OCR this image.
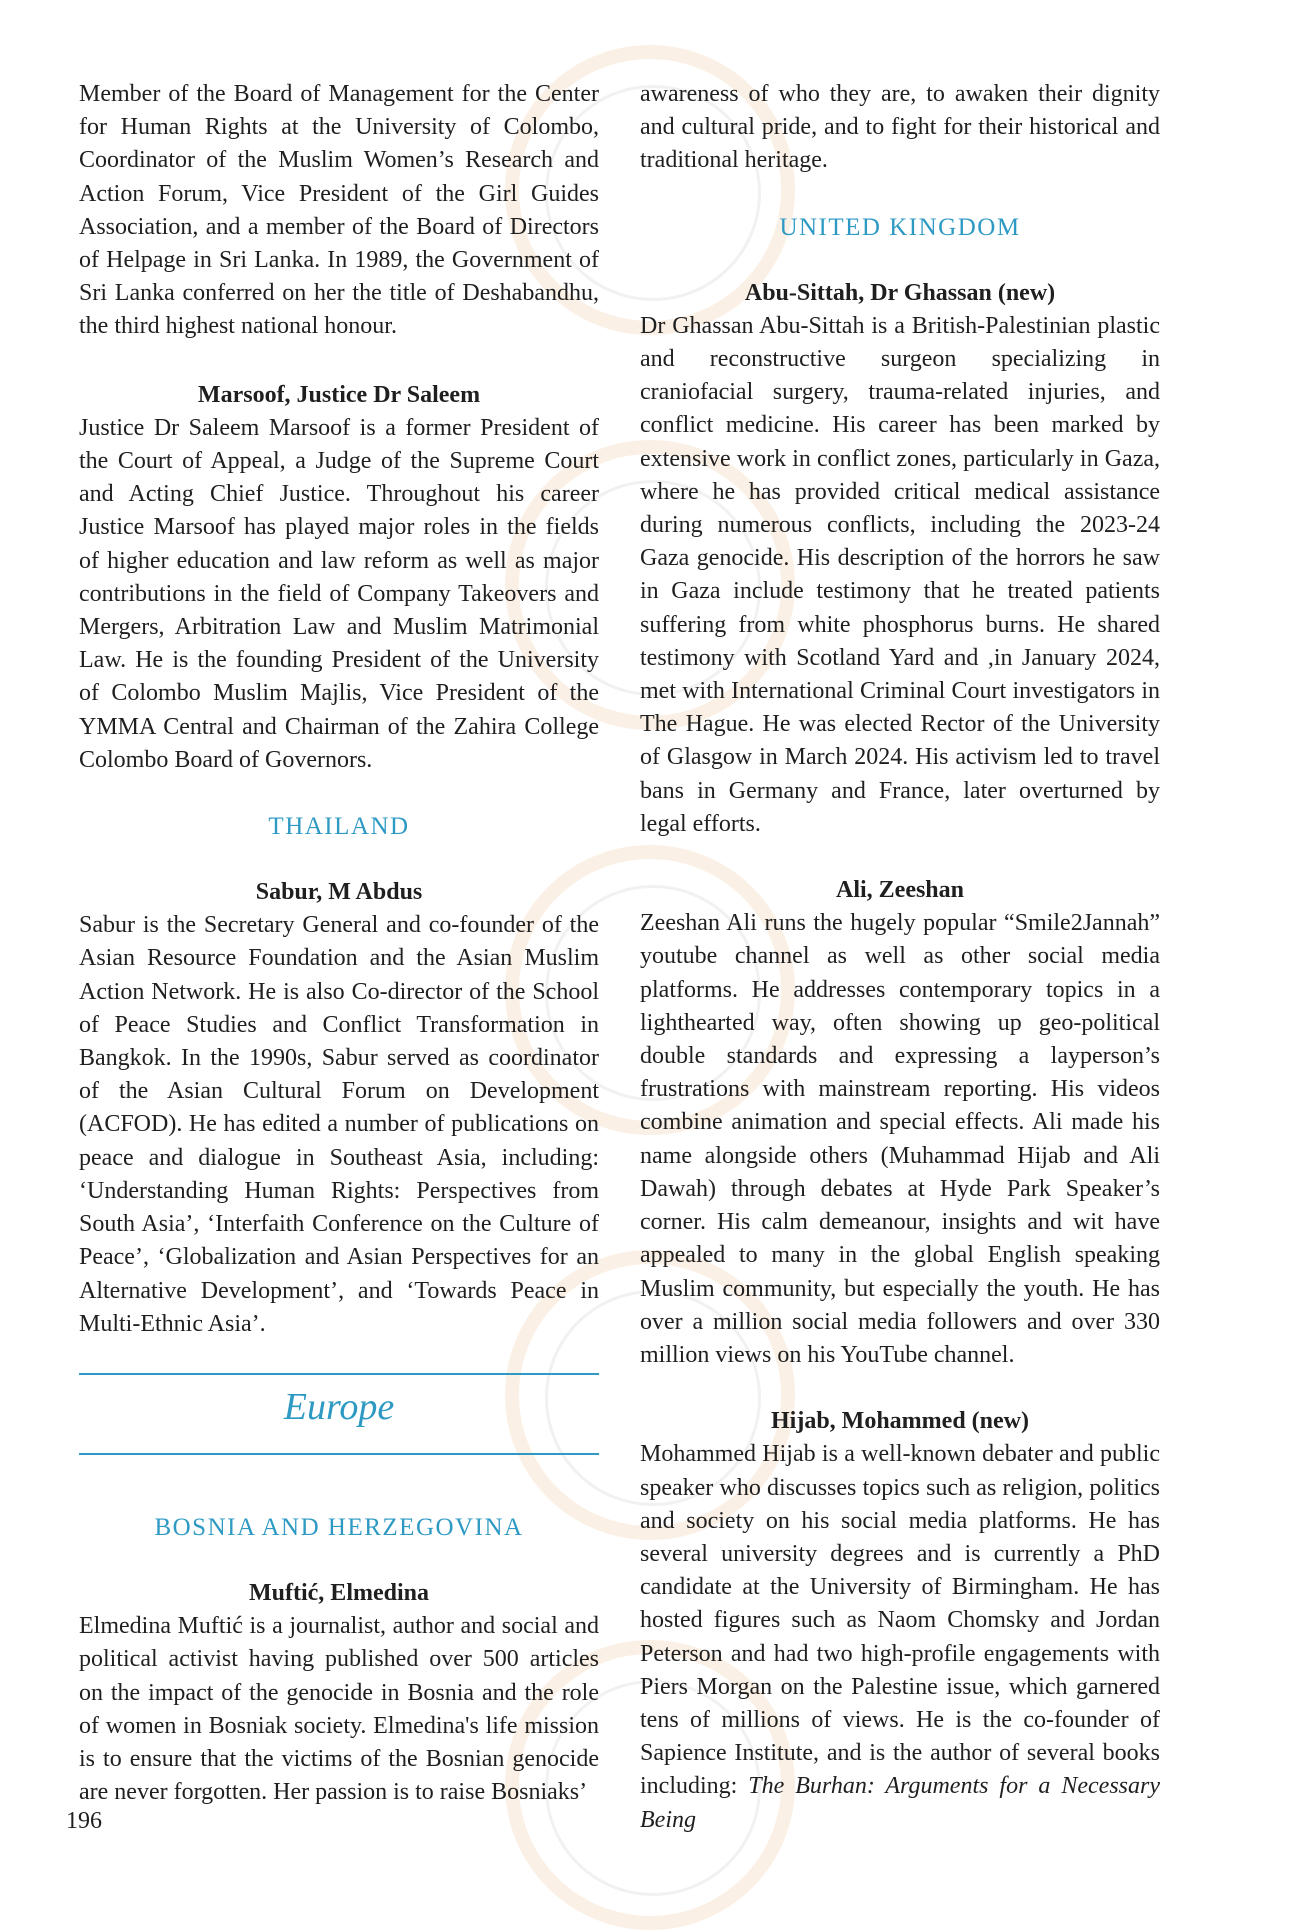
Member of the Board of Management for the Center for Human Rights at the University of Colombo, Coordinator of the Muslim Women’s Research and Action Forum, Vice President of the Girl Guides Association, and a member of the Board of Directors of Helpage in Sri Lanka. In 1989, the Government of Sri Lanka conferred on her the title of Deshabandhu, the third highest national honour.

Marsoof, Justice Dr Saleem

Justice Dr Saleem Marsoof is a former President of the Court of Appeal, a Judge of the Supreme Court and Acting Chief Justice. Throughout his career Justice Marsoof has played major roles in the fields of higher education and law reform as well as major contributions in the field of Company Takeovers and Mergers, Arbitration Law and Muslim Matrimonial Law. He is the founding President of the University of Colombo Muslim Majlis, Vice President of the YMMA Central and Chairman of the Zahira College Colombo Board of Governors.

THAILAND

Sabur, M Abdus

Sabur is the Secretary General and co-founder of the Asian Resource Foundation and the Asian Muslim Action Network. He is also Co-director of the School of Peace Studies and Conflict Transformation in Bangkok. In the 1990s, Sabur served as coordinator of the Asian Cultural Forum on Development (ACFOD). He has edited a number of publications on peace and dialogue in Southeast Asia, including: ‘Understanding Human Rights: Perspectives from South Asia’, ‘Interfaith Conference on the Culture of Peace’, ‘Globalization and Asian Perspectives for an Alternative Development’, and ‘Towards Peace in Multi-Ethnic Asia’.

Europe

BOSNIA AND HERZEGOVINA

Muftić, Elmedina

Elmedina Muftić is a journalist, author and social and political activist having published over 500 articles on the impact of the genocide in Bosnia and the role of women in Bosniak society. Elmedina's life mission is to ensure that the victims of the Bosnian genocide are never forgotten. Her passion is to raise Bosniaks’

awareness of who they are, to awaken their dignity and cultural pride, and to fight for their historical and traditional heritage.

UNITED KINGDOM

Abu-Sittah, Dr Ghassan (new)

Dr Ghassan Abu-Sittah is a British-Palestinian plastic and reconstructive surgeon specializing in craniofacial surgery, trauma-related injuries, and conflict medicine. His career has been marked by extensive work in conflict zones, particularly in Gaza, where he has provided critical medical assistance during numerous conflicts, including the 2023-24 Gaza genocide. His description of the horrors he saw in Gaza include testimony that he treated patients suffering from white phosphorus burns. He shared testimony with Scotland Yard and ,in January 2024, met with International Criminal Court investigators in The Hague. He was elected Rector of the University of Glasgow in March 2024. His activism led to travel bans in Germany and France, later overturned by legal efforts.

Ali, Zeeshan

Zeeshan Ali runs the hugely popular “Smile2Jannah” youtube channel as well as other social media platforms. He addresses contemporary topics in a lighthearted way, often showing up geo-political double standards and expressing a layperson’s frustrations with mainstream reporting. His videos combine animation and special effects. Ali made his name alongside others (Muhammad Hijab and Ali Dawah) through debates at Hyde Park Speaker’s corner. His calm demeanour, insights and wit have appealed to many in the global English speaking Muslim community, but especially the youth. He has over a million social media followers and over 330 million views on his YouTube channel.

Hijab, Mohammed (new)

Mohammed Hijab is a well-known debater and public speaker who discusses topics such as religion, politics and society on his social media platforms. He has several university degrees and is currently a PhD candidate at the University of Birmingham. He has hosted figures such as Naom Chomsky and Jordan Peterson and had two high-profile engagements with Piers Morgan on the Palestine issue, which garnered tens of millions of views. He is the co-founder of Sapience Institute, and is the author of several books including: The Burhan: Arguments for a Necessary Being

196
